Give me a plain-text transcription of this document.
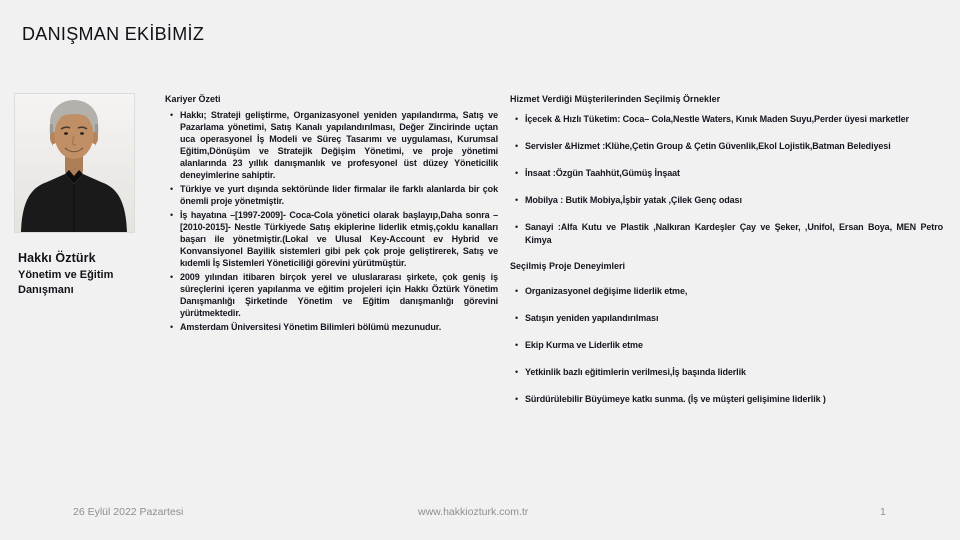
DANIŞMAN EKİBİMİZ
Hakkı Öztürk
Yönetim ve Eğitim Danışmanı
Kariyer Özeti
• Hakkı; Strateji geliştirme, Organizasyonel yeniden yapılandırma, Satış ve Pazarlama yönetimi, Satış Kanalı yapılandırılması, Değer Zincirinde uçtan uca operasyonel İş Modeli ve Süreç Tasarımı ve uygulaması, Kurumsal Eğitim,Dönüşüm ve Stratejik Değişim Yönetimi, ve proje yönetimi alanlarında 23 yıllık danışmanlık ve profesyonel üst düzey Yöneticilik deneyimlerine sahiptir.
• Türkiye ve yurt dışında sektöründe lider firmalar ile farklı alanlarda bir çok önemli proje yönetmiştir.
• İş hayatına –[1997-2009]- Coca-Cola yönetici olarak başlayıp,Daha sonra –[2010-2015]- Nestle Türkiyede Satış ekiplerine liderlik etmiş,çoklu kanalları başarı ile yönetmiştir.(Lokal ve Ulusal Key-Account ev Hybrid ve Konvansiyonel Bayilik sistemleri gibi pek çok proje geliştirerek, Satış ve kıdemli İş Sistemleri Yöneticiliği görevini yürütmüştür.
• 2009 yılından itibaren birçok yerel ve uluslararası şirkete, çok geniş iş süreçlerini içeren yapılanma ve eğitim projeleri için Hakkı Öztürk Yönetim Danışmanlığı Şirketinde Yönetim ve Eğitim danışmanlığı görevini yürütmektedir.
• Amsterdam Üniversitesi Yönetim Bilimleri bölümü mezunudur.
Hizmet Verdiği Müşterilerinden Seçilmiş Örnekler
• İçecek & Hızlı Tüketim: Coca– Cola,Nestle Waters, Kınık Maden Suyu,Perder üyesi marketler
• Servisler &Hizmet :Klühe,Çetin Group & Çetin Güvenlik,Ekol Lojistik,Batman Belediyesi
• İnsaat :Özgün Taahhüt,Gümüş İnşaat
• Mobilya : Butik Mobiya,İşbir yatak ,Çilek Genç odası
• Sanayi :Alfa Kutu ve Plastik ,Nalkıran Kardeşler Çay ve Şeker, ,Unifol, Ersan Boya, MEN Petro Kimya
Seçilmiş Proje Deneyimleri
• Organizasyonel değişime liderlik etme,
• Satışın yeniden yapılandırılması
• Ekip Kurma ve Liderlik etme
• Yetkinlik bazlı eğitimlerin verilmesi,İş başında liderlik
• Sürdürülebilir Büyümeye katkı sunma. (İş ve müşteri gelişimine liderlik )
26 Eylül 2022 Pazartesi	www.hakkiozturk.com.tr	1
